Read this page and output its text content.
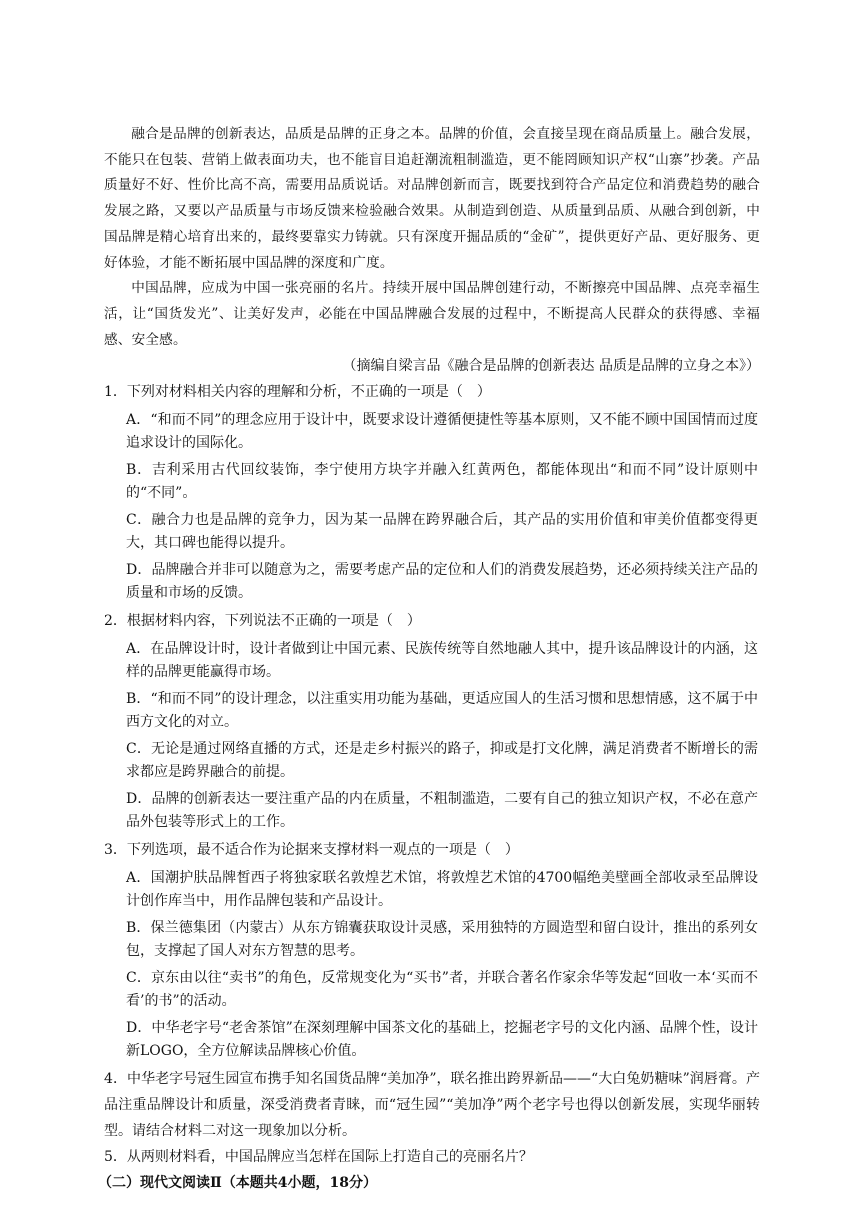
融合是品牌的创新表达，品质是品牌的正身之本。品牌的价值，会直接呈现在商品质量上。融合发展，不能只在包装、营销上做表面功夫，也不能盲目追赶潮流粗制滥造，更不能罔顾知识产权“山寨”抄袭。产品质量好不好、性价比高不高，需要用品质说话。对品牌创新而言，既要找到符合产品定位和消费趋势的融合发展之路，又要以产品质量与市场反馈来检验融合效果。从制造到创造、从质量到品质、从融合到创新，中国品牌是精心培育出来的，最终要靠实力铸就。只有深度开掘品质的“金矿”，提供更好产品、更好服务、更好体验，才能不断拓展中国品牌的深度和广度。

中国品牌，应成为中国一张亮丽的名片。持续开展中国品牌创建行动，不断擦亮中国品牌、点亮幸福生活，让“国货发光”、让美好发声，必能在中国品牌融合发展的过程中，不断提高人民群众的获得感、幸福感、安全感。

（摘编自梁言品《融合是品牌的创新表达 品质是品牌的立身之本》）

1．下列对材料相关内容的理解和分析，不正确的一项是（　）

A．“和而不同”的理念应用于设计中，既要求设计遵循便捷性等基本原则，又不能不顾中国国情而过度追求设计的国际化。

B．吉利采用古代回纹装饰，李宁使用方块字并融入红黄两色，都能体现出“和而不同”设计原则中的“不同”。

C．融合力也是品牌的竞争力，因为某一品牌在跨界融合后，其产品的实用价值和审美价值都变得更大，其口碑也能得以提升。

D．品牌融合并非可以随意为之，需要考虑产品的定位和人们的消费发展趋势，还必须持续关注产品的质量和市场的反馈。

2．根据材料内容，下列说法不正确的一项是（　）

A．在品牌设计时，设计者做到让中国元素、民族传统等自然地融人其中，提升该品牌设计的内涵，这样的品牌更能赢得市场。

B．“和而不同”的设计理念，以注重实用功能为基础，更适应国人的生活习惯和思想情感，这不属于中西方文化的对立。

C．无论是通过网络直播的方式，还是走乡村振兴的路子，抑或是打文化牌，满足消费者不断增长的需求都应是跨界融合的前提。

D．品牌的创新表达一要注重产品的内在质量，不粗制滥造，二要有自己的独立知识产权，不必在意产品外包装等形式上的工作。

3．下列选项，最不适合作为论据来支撑材料一观点的一项是（　）

A．国潮护肤品牌皙西子将独家联名敦煌艺术馆，将敦煌艺术馆的4700幅绝美壁画全部收录至品牌设计创作库当中，用作品牌包装和产品设计。

B．保兰德集团（内蒙古）从东方锦囊获取设计灵感，采用独特的方圆造型和留白设计，推出的系列女包，支撑起了国人对东方智慧的思考。

C．京东由以往“卖书”的角色，反常规变化为“买书”者，并联合著名作家余华等发起“回收一本‘买而不看’的书”的活动。

D．中华老字号“老舍茶馆”在深刻理解中国茶文化的基础上，挖掘老字号的文化内涵、品牌个性，设计新LOGO，全方位解读品牌核心价值。

4．中华老字号冠生园宣布携手知名国货品牌“美加净”，联名推出跨界新品——“大白兔奶糖味”润唇膏。产品注重品牌设计和质量，深受消费者青睐，而“冠生园”“美加净”两个老字号也得以创新发展，实现华丽转型。请结合材料二对这一现象加以分析。

5．从两则材料看，中国品牌应当怎样在国际上打造自己的亮丽名片？

（二）现代文阅读Ⅱ（本题共4小题，18分）
